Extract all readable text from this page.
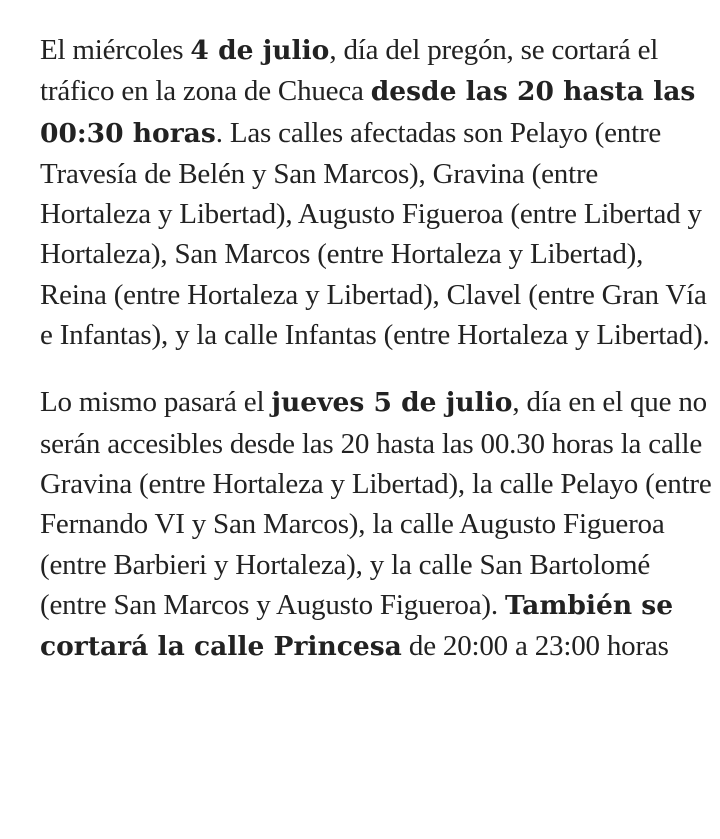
El miércoles 4 de julio, día del pregón, se cortará el tráfico en la zona de Chueca desde las 20 hasta las 00:30 horas. Las calles afectadas son Pelayo (entre Travesía de Belén y San Marcos), Gravina (entre Hortaleza y Libertad), Augusto Figueroa (entre Libertad y Hortaleza), San Marcos (entre Hortaleza y Libertad), Reina (entre Hortaleza y Libertad), Clavel (entre Gran Vía e Infantas), y la calle Infantas (entre Hortaleza y Libertad).

Lo mismo pasará el jueves 5 de julio, día en el que no serán accesibles desde las 20 hasta las 00.30 horas la calle Gravina (entre Hortaleza y Libertad), la calle Pelayo (entre Fernando VI y San Marcos), la calle Augusto Figueroa (entre Barbieri y Hortaleza), y la calle San Bartolomé (entre San Marcos y Augusto Figueroa). También se cortará la calle Princesa de 20:00 a 23:00 horas
